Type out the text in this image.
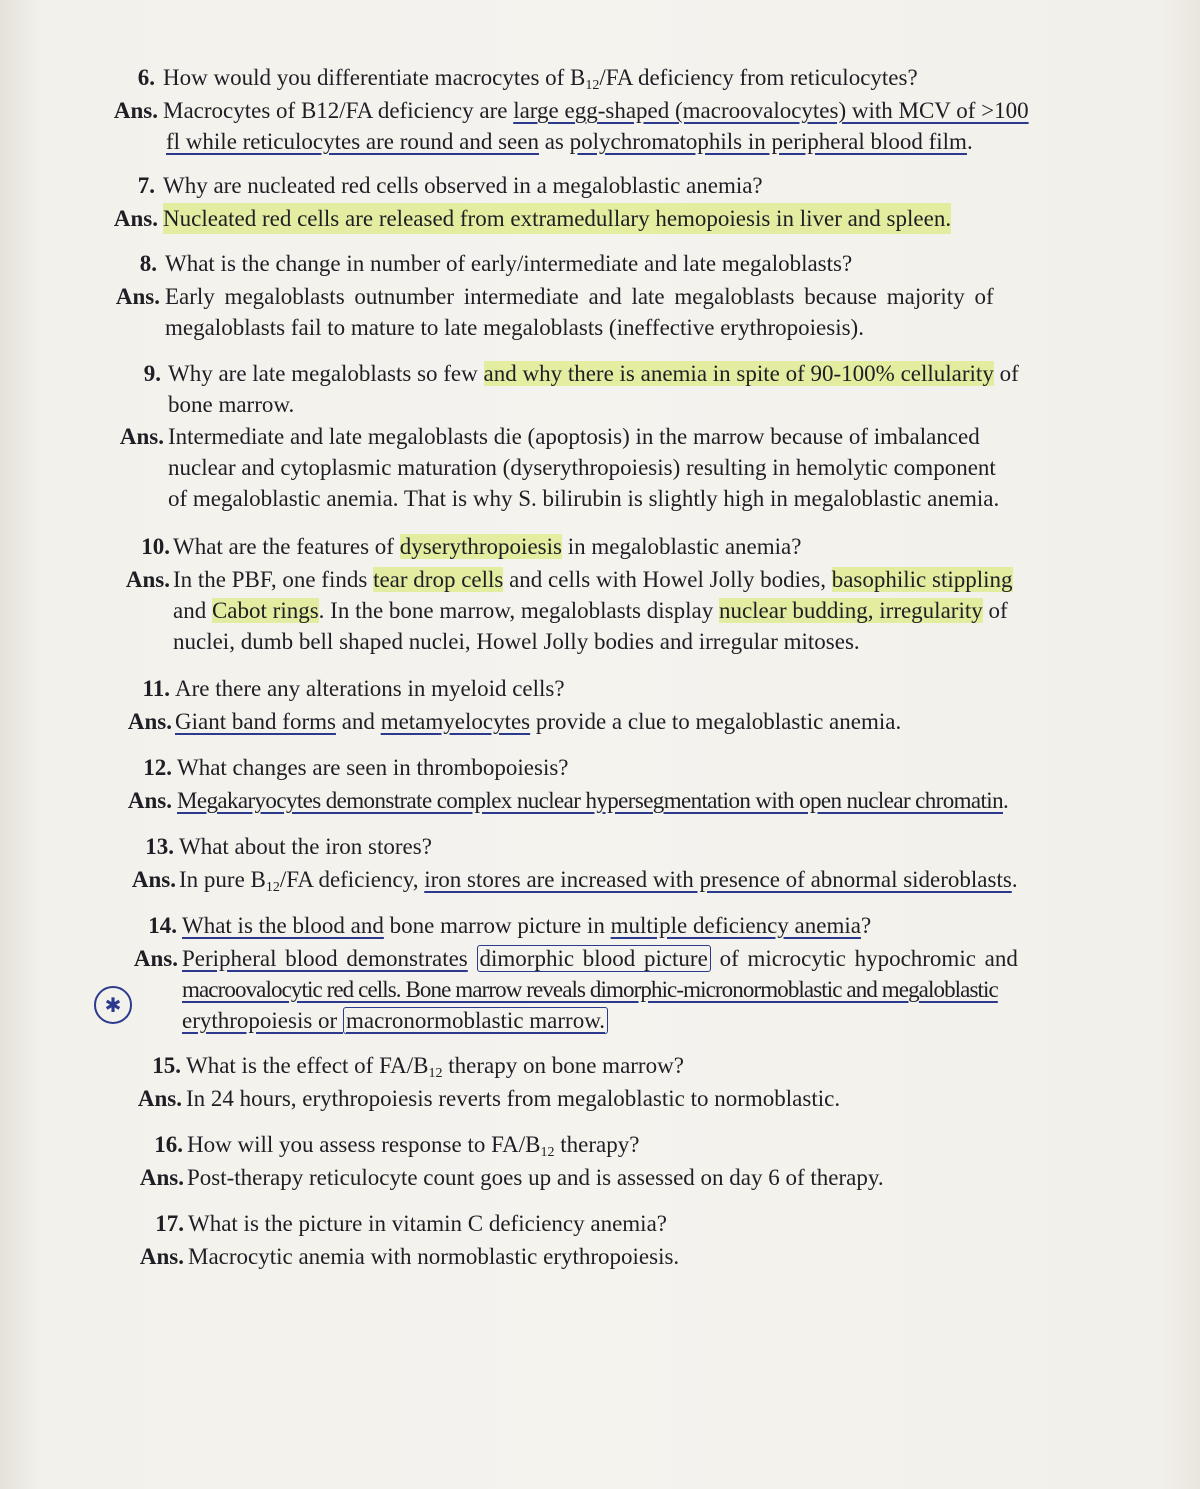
6. How would you differentiate macrocytes of $B_{12}/FA$ deficiency from reticulocytes?
Ans. Macrocytes of B12/FA deficiency are large egg-shaped (macroovalocytes) with MCV of >100
fl while reticulocytes are round and seen as polychromatophils in peripheral blood film.
7. Why are nucleated red cells observed in a megaloblastic anemia?
Ans. Nucleated red cells are released from extramedullary hemopoiesis in liver and spleen.
8. What is the change in number of early/intermediate and late megaloblasts?
Ans. Early megaloblasts outnumber intermediate and late megaloblasts because majority of
megaloblasts fail to mature to late megaloblasts (ineffective erythropoiesis).
9. Why are late megaloblasts so few and why there is anemia in spite of 90-100% cellularity of
bone marrow.
Ans. Intermediate and late megaloblasts die (apoptosis) in the marrow because of imbalanced
nuclear and cytoplasmic maturation (dyserythropoiesis) resulting in hemolytic component
of megaloblastic anemia. That is why S. bilirubin is slightly high in megaloblastic anemia.
10. What are the features of dyserythropoiesis in megaloblastic anemia?
Ans. In the PBF, one finds tear drop cells and cells with Howel Jolly bodies, basophilic stippling
and Cabot rings. In the bone marrow, megaloblasts display nuclear budding, irregularity of
nuclei, dumb bell shaped nuclei, Howel Jolly bodies and irregular mitoses.
11. Are there any alterations in myeloid cells?
Ans. Giant band forms and metamyelocytes provide a clue to megaloblastic anemia.
12. What changes are seen in thrombopoiesis?
Ans. Megakaryocytes demonstrate complex nuclear hypersegmentation with open nuclear chromatin.
13. What about the iron stores?
Ans. In pure $B_{12}/FA$ deficiency, iron stores are increased with presence of abnormal sideroblasts.
14. What is the blood and bone marrow picture in multiple deficiency anemia?
Ans. Peripheral blood demonstrates dimorphic blood picture of microcytic hypochromic and
macroovalocytic red cells. Bone marrow reveals dimorphic-micronormoblastic and megaloblastic
erythropoiesis or macronormoblastic marrow.
✱
15. What is the effect of $FA/B_{12}$ therapy on bone marrow?
Ans. In 24 hours, erythropoiesis reverts from megaloblastic to normoblastic.
16. How will you assess response to $FA/B_{12}$ therapy?
Ans. Post-therapy reticulocyte count goes up and is assessed on day 6 of therapy.
17. What is the picture in vitamin C deficiency anemia?
Ans. Macrocytic anemia with normoblastic erythropoiesis.
